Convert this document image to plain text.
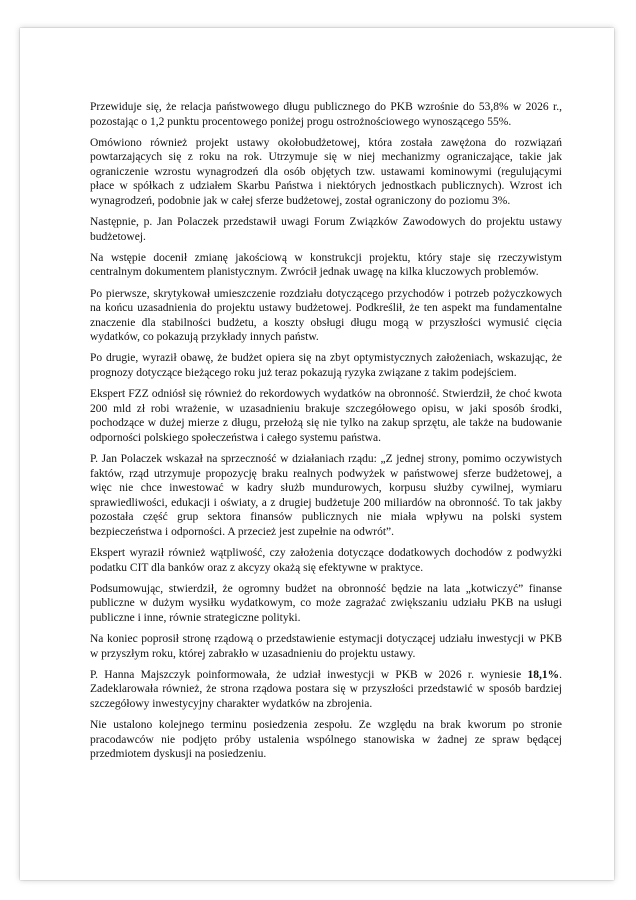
Przewiduje się, że relacja państwowego długu publicznego do PKB wzrośnie do 53,8% w 2026 r., pozostając o 1,2 punktu procentowego poniżej progu ostrożnościowego wynoszącego 55%.

Omówiono również projekt ustawy okołobudżetowej, która została zawężona do rozwiązań powtarzających się z roku na rok. Utrzymuje się w niej mechanizmy ograniczające, takie jak ograniczenie wzrostu wynagrodzeń dla osób objętych tzw. ustawami kominowymi (regulującymi płace w spółkach z udziałem Skarbu Państwa i niektórych jednostkach publicznych). Wzrost ich wynagrodzeń, podobnie jak w całej sferze budżetowej, został ograniczony do poziomu 3%.

Następnie, p. Jan Polaczek przedstawił uwagi Forum Związków Zawodowych do projektu ustawy budżetowej.

Na wstępie docenił zmianę jakościową w konstrukcji projektu, który staje się rzeczywistym centralnym dokumentem planistycznym. Zwrócił jednak uwagę na kilka kluczowych problemów.

Po pierwsze, skrytykował umieszczenie rozdziału dotyczącego przychodów i potrzeb pożyczkowych na końcu uzasadnienia do projektu ustawy budżetowej. Podkreślił, że ten aspekt ma fundamentalne znaczenie dla stabilności budżetu, a koszty obsługi długu mogą w przyszłości wymusić cięcia wydatków, co pokazują przykłady innych państw.

Po drugie, wyraził obawę, że budżet opiera się na zbyt optymistycznych założeniach, wskazując, że prognozy dotyczące bieżącego roku już teraz pokazują ryzyka związane z takim podejściem.

Ekspert FZZ odniósł się również do rekordowych wydatków na obronność. Stwierdził, że choć kwota 200 mld zł robi wrażenie, w uzasadnieniu brakuje szczegółowego opisu, w jaki sposób środki, pochodzące w dużej mierze z długu, przełożą się nie tylko na zakup sprzętu, ale także na budowanie odporności polskiego społeczeństwa i całego systemu państwa.

P. Jan Polaczek wskazał na sprzeczność w działaniach rządu: „Z jednej strony, pomimo oczywistych faktów, rząd utrzymuje propozycję braku realnych podwyżek w państwowej sferze budżetowej, a więc nie chce inwestować w kadry służb mundurowych, korpusu służby cywilnej, wymiaru sprawiedliwości, edukacji i oświaty, a z drugiej budżetuje 200 miliardów na obronność. To tak jakby pozostała część grup sektora finansów publicznych nie miała wpływu na polski system bezpieczeństwa i odporności. A przecież jest zupełnie na odwrót”.

Ekspert wyraził również wątpliwość, czy założenia dotyczące dodatkowych dochodów z podwyżki podatku CIT dla banków oraz z akcyzy okażą się efektywne w praktyce.

Podsumowując, stwierdził, że ogromny budżet na obronność będzie na lata „kotwiczyć” finanse publiczne w dużym wysiłku wydatkowym, co może zagrażać zwiększaniu udziału PKB na usługi publiczne i inne, równie strategiczne polityki.

Na koniec poprosił stronę rządową o przedstawienie estymacji dotyczącej udziału inwestycji w PKB w przyszłym roku, której zabrakło w uzasadnieniu do projektu ustawy.

P. Hanna Majszczyk poinformowała, że udział inwestycji w PKB w 2026 r. wyniesie 18,1%. Zadeklarowała również, że strona rządowa postara się w przyszłości przedstawić w sposób bardziej szczegółowy inwestycyjny charakter wydatków na zbrojenia.

Nie ustalono kolejnego terminu posiedzenia zespołu. Ze względu na brak kworum po stronie pracodawców nie podjęto próby ustalenia wspólnego stanowiska w żadnej ze spraw będącej przedmiotem dyskusji na posiedzeniu.
